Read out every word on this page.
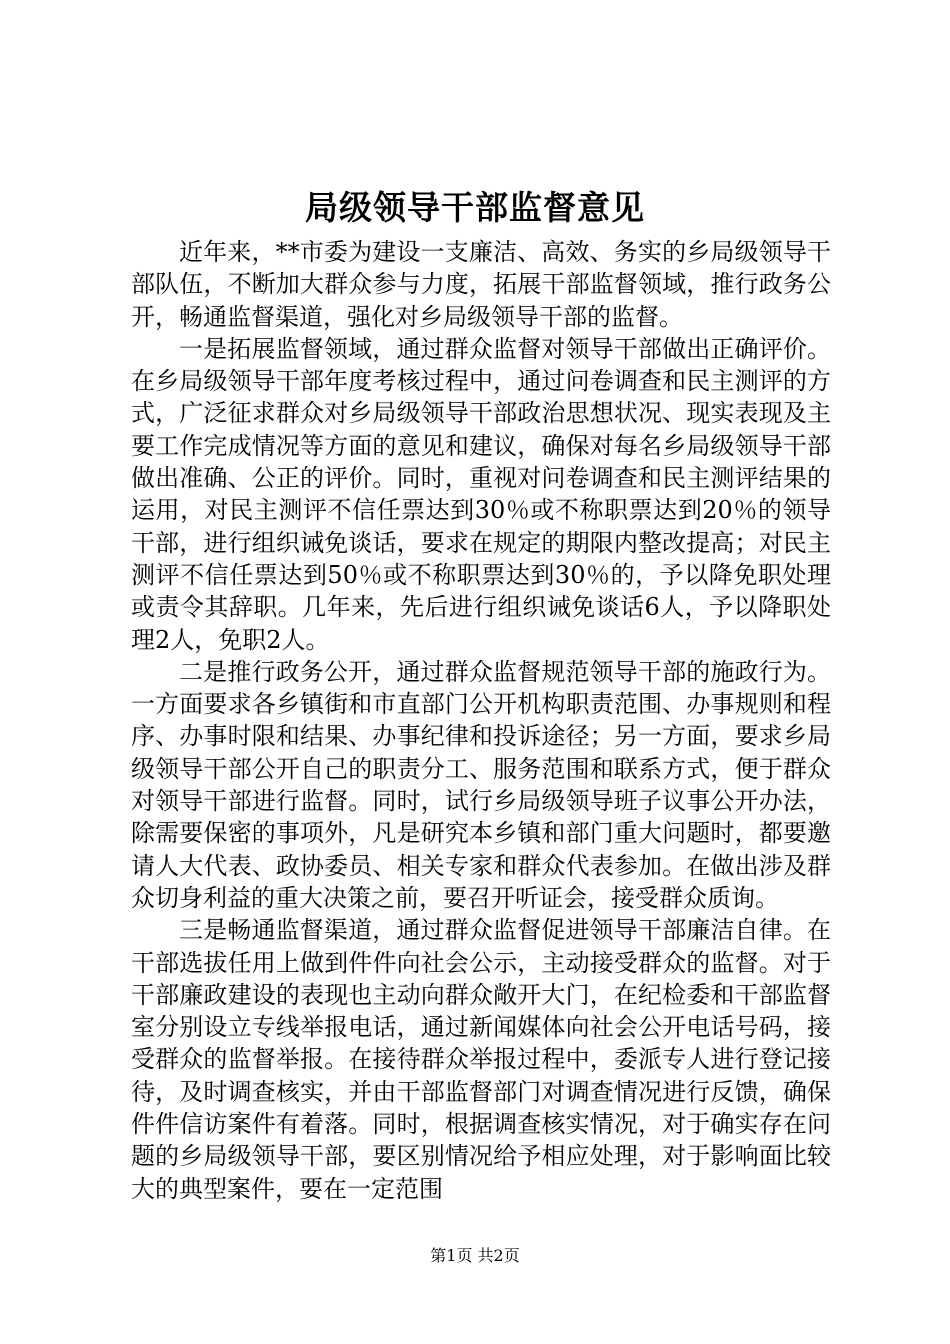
局级领导干部监督意见

近年来，**市委为建设一支廉洁、高效、务实的乡局级领导干部队伍，不断加大群众参与力度，拓展干部监督领域，推行政务公开，畅通监督渠道，强化对乡局级领导干部的监督。

一是拓展监督领域，通过群众监督对领导干部做出正确评价。在乡局级领导干部年度考核过程中，通过问卷调查和民主测评的方式，广泛征求群众对乡局级领导干部政治思想状况、现实表现及主要工作完成情况等方面的意见和建议，确保对每名乡局级领导干部做出准确、公正的评价。同时，重视对问卷调查和民主测评结果的运用，对民主测评不信任票达到30％或不称职票达到20％的领导干部，进行组织诫免谈话，要求在规定的期限内整改提高；对民主测评不信任票达到50％或不称职票达到30％的，予以降免职处理或责令其辞职。几年来，先后进行组织诫免谈话6人，予以降职处理2人，免职2人。

二是推行政务公开，通过群众监督规范领导干部的施政行为。一方面要求各乡镇街和市直部门公开机构职责范围、办事规则和程序、办事时限和结果、办事纪律和投诉途径；另一方面，要求乡局级领导干部公开自己的职责分工、服务范围和联系方式，便于群众对领导干部进行监督。同时，试行乡局级领导班子议事公开办法，除需要保密的事项外，凡是研究本乡镇和部门重大问题时，都要邀请人大代表、政协委员、相关专家和群众代表参加。在做出涉及群众切身利益的重大决策之前，要召开听证会，接受群众质询。

三是畅通监督渠道，通过群众监督促进领导干部廉洁自律。在干部选拔任用上做到件件向社会公示，主动接受群众的监督。对于干部廉政建设的表现也主动向群众敞开大门，在纪检委和干部监督室分别设立专线举报电话，通过新闻媒体向社会公开电话号码，接受群众的监督举报。在接待群众举报过程中，委派专人进行登记接待，及时调查核实，并由干部监督部门对调查情况进行反馈，确保件件信访案件有着落。同时，根据调查核实情况，对于确实存在问题的乡局级领导干部，要区别情况给予相应处理，对于影响面比较大的典型案件，要在一定范围

第1页 共2页
